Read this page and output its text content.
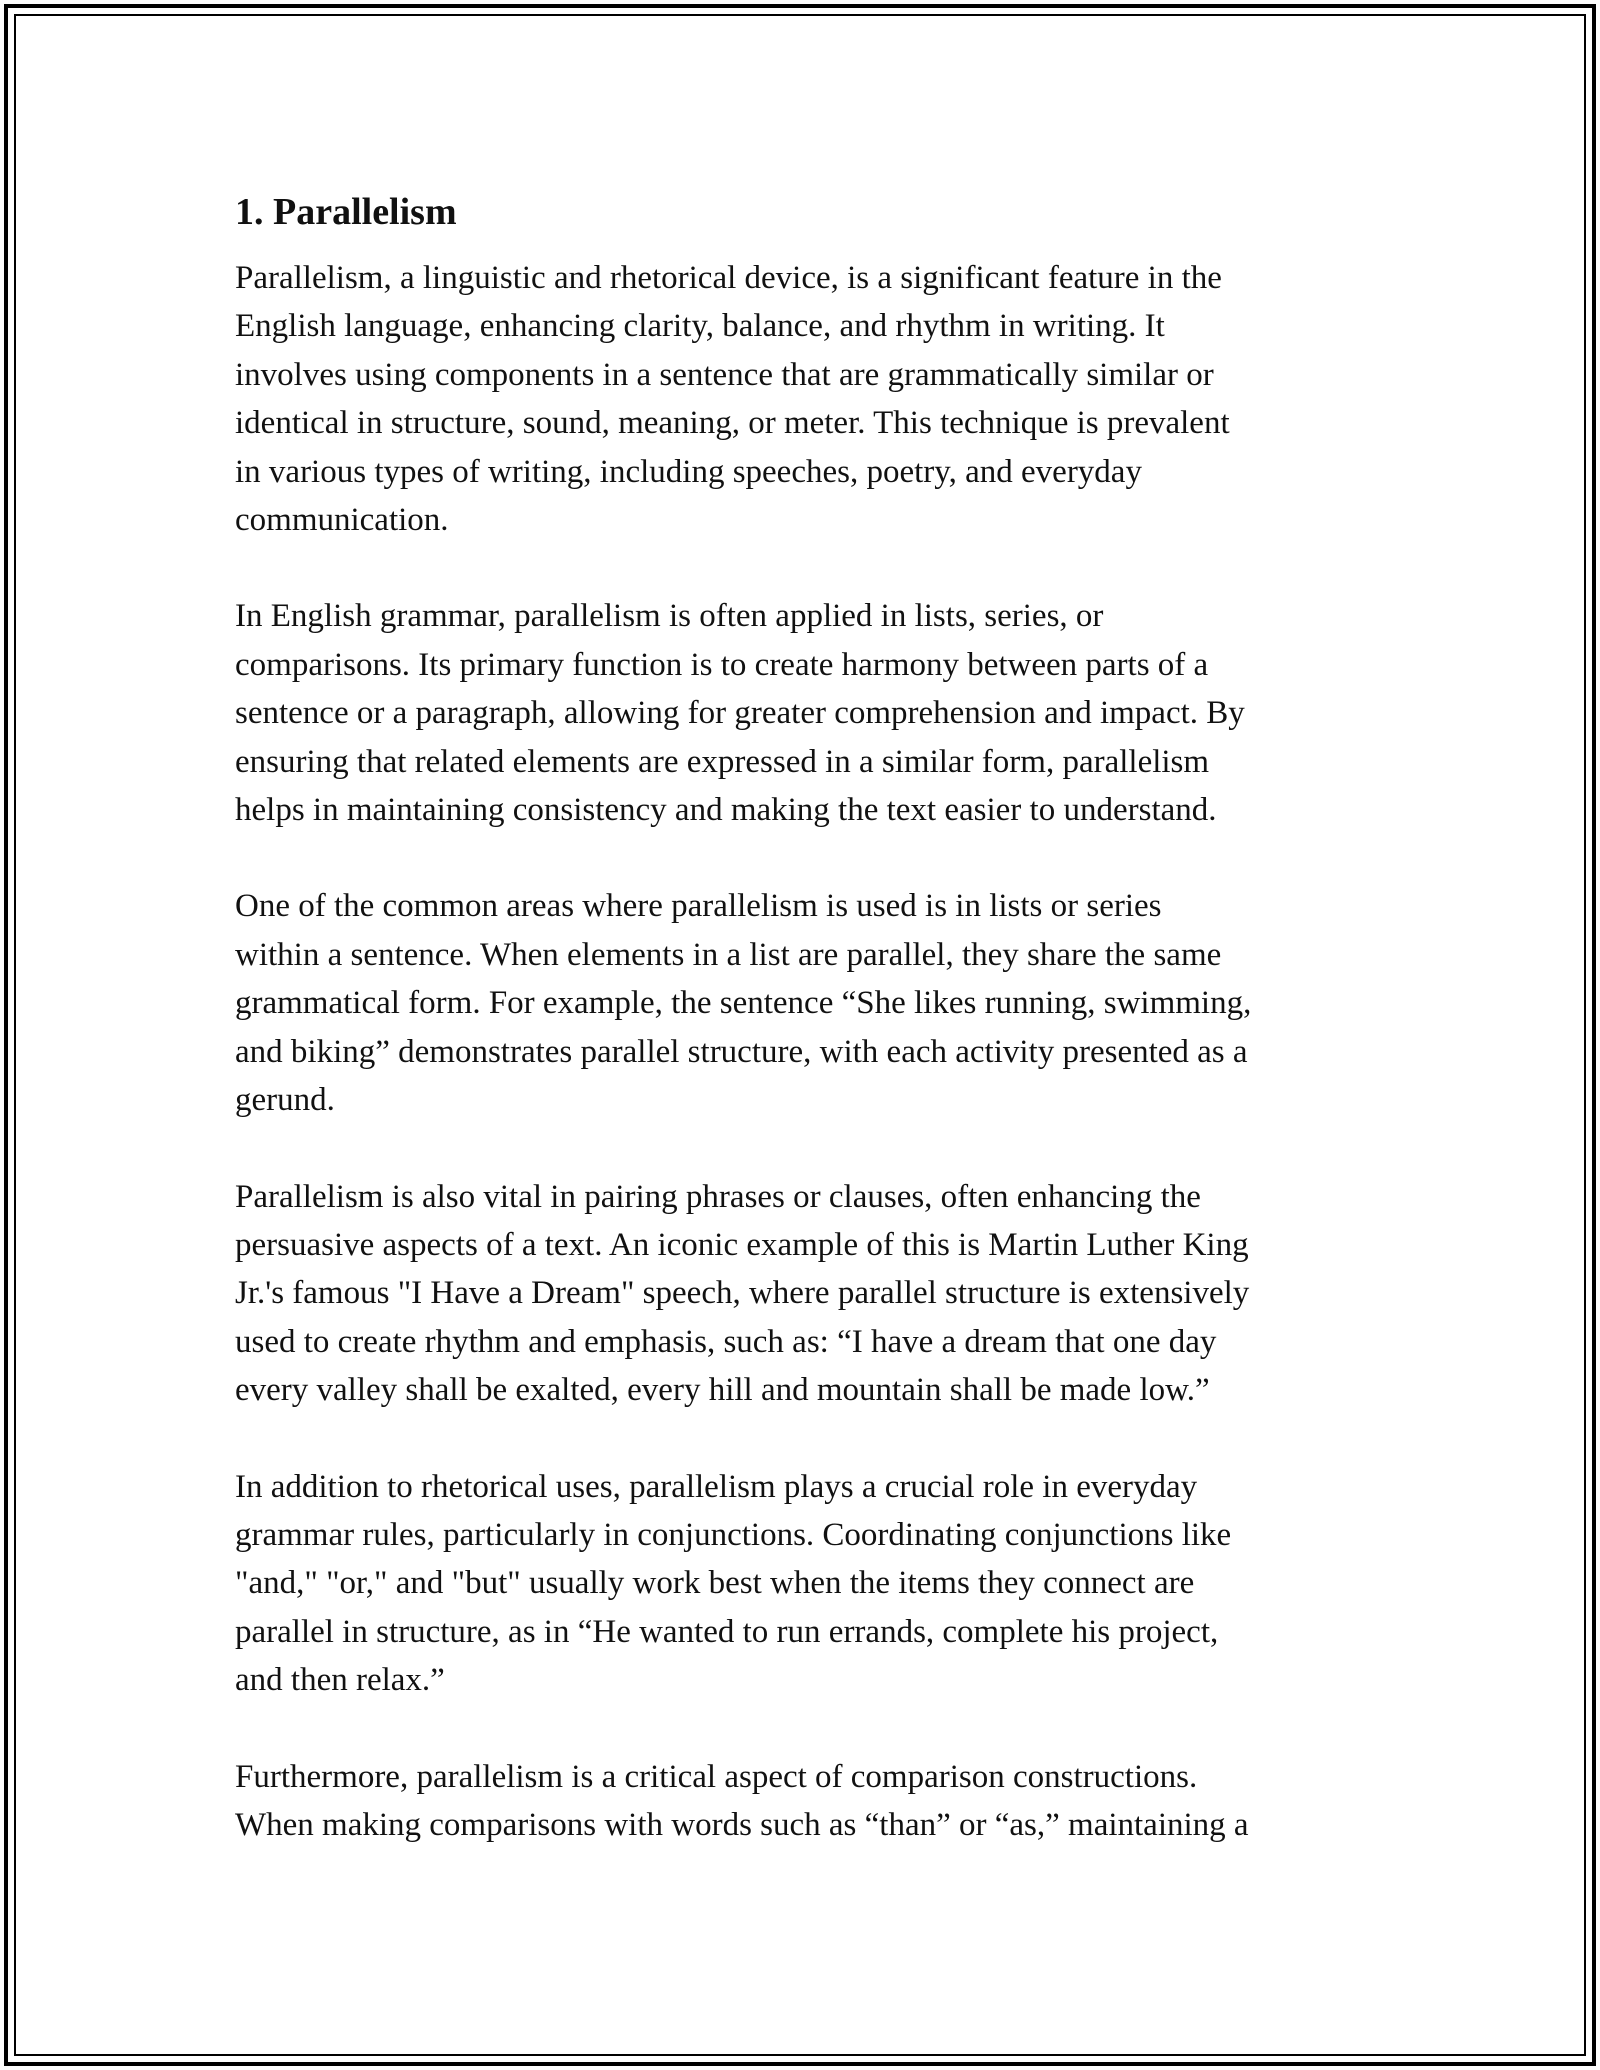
1. Parallelism

Parallelism, a linguistic and rhetorical device, is a significant feature in the
English language, enhancing clarity, balance, and rhythm in writing. It
involves using components in a sentence that are grammatically similar or
identical in structure, sound, meaning, or meter. This technique is prevalent
in various types of writing, including speeches, poetry, and everyday
communication.

In English grammar, parallelism is often applied in lists, series, or
comparisons. Its primary function is to create harmony between parts of a
sentence or a paragraph, allowing for greater comprehension and impact. By
ensuring that related elements are expressed in a similar form, parallelism
helps in maintaining consistency and making the text easier to understand.

One of the common areas where parallelism is used is in lists or series
within a sentence. When elements in a list are parallel, they share the same
grammatical form. For example, the sentence “She likes running, swimming,
and biking” demonstrates parallel structure, with each activity presented as a
gerund.

Parallelism is also vital in pairing phrases or clauses, often enhancing the
persuasive aspects of a text. An iconic example of this is Martin Luther King
Jr.'s famous "I Have a Dream" speech, where parallel structure is extensively
used to create rhythm and emphasis, such as: “I have a dream that one day
every valley shall be exalted, every hill and mountain shall be made low.”

In addition to rhetorical uses, parallelism plays a crucial role in everyday
grammar rules, particularly in conjunctions. Coordinating conjunctions like
"and," "or," and "but" usually work best when the items they connect are
parallel in structure, as in “He wanted to run errands, complete his project,
and then relax.”

Furthermore, parallelism is a critical aspect of comparison constructions.
When making comparisons with words such as “than” or “as,” maintaining a
